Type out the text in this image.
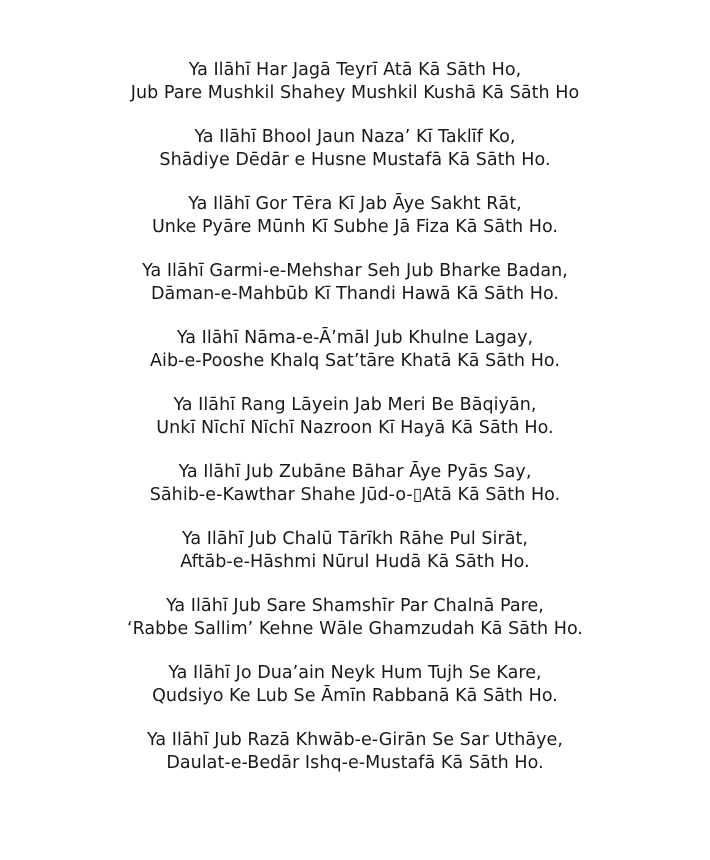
Ya Ilāhī Har Jagā Teyrī Atā Kā Sāth Ho,
Jub Pare Mushkil Shahey Mushkil Kushā Kā Sāth Ho
Ya Ilāhī Bhool Jaun Naza’ Kī Taklīf Ko,
Shādiye Dēdār e Husne Mustafā Kā Sāth Ho.
Ya Ilāhī Gor Tēra Kī Jab Āye Sakht Rāt,
Unke Pyāre Mūnh Kī Subhe Jā Fiza Kā Sāth Ho.
Ya Ilāhī Garmi-e-Mehshar Seh Jub Bharke Badan,
Dāman-e-Mahbūb Kī Thandi Hawā Kā Sāth Ho.
Ya Ilāhī Nāma-e-Ā’māl Jub Khulne Lagay,
Aib-e-Pooshe Khalq Sat’tāre Khatā Kā Sāth Ho.
Ya Ilāhī Rang Lāyein Jab Meri Be Bāqiyān,
Unkī Nīchī Nīchī Nazroon Kī Hayā Kā Sāth Ho.
Ya Ilāhī Jub Zubāne Bāhar Āye Pyās Say,
Sāhib-e-Kawthar Shahe Jūd-o-▯Atā Kā Sāth Ho.
Ya Ilāhī Jub Chalū Tārīkh Rāhe Pul Sirāt,
Aftāb-e-Hāshmi Nūrul Hudā Kā Sāth Ho.
Ya Ilāhī Jub Sare Shamshīr Par Chalnā Pare,
‘Rabbe Sallim’ Kehne Wāle Ghamzudah Kā Sāth Ho.
Ya Ilāhī Jo Dua’ain Neyk Hum Tujh Se Kare,
Qudsiyo Ke Lub Se Āmīn Rabbanā Kā Sāth Ho.
Ya Ilāhī Jub Razā Khwāb-e-Girān Se Sar Uthāye,
Daulat-e-Bedār Ishq-e-Mustafā Kā Sāth Ho.
